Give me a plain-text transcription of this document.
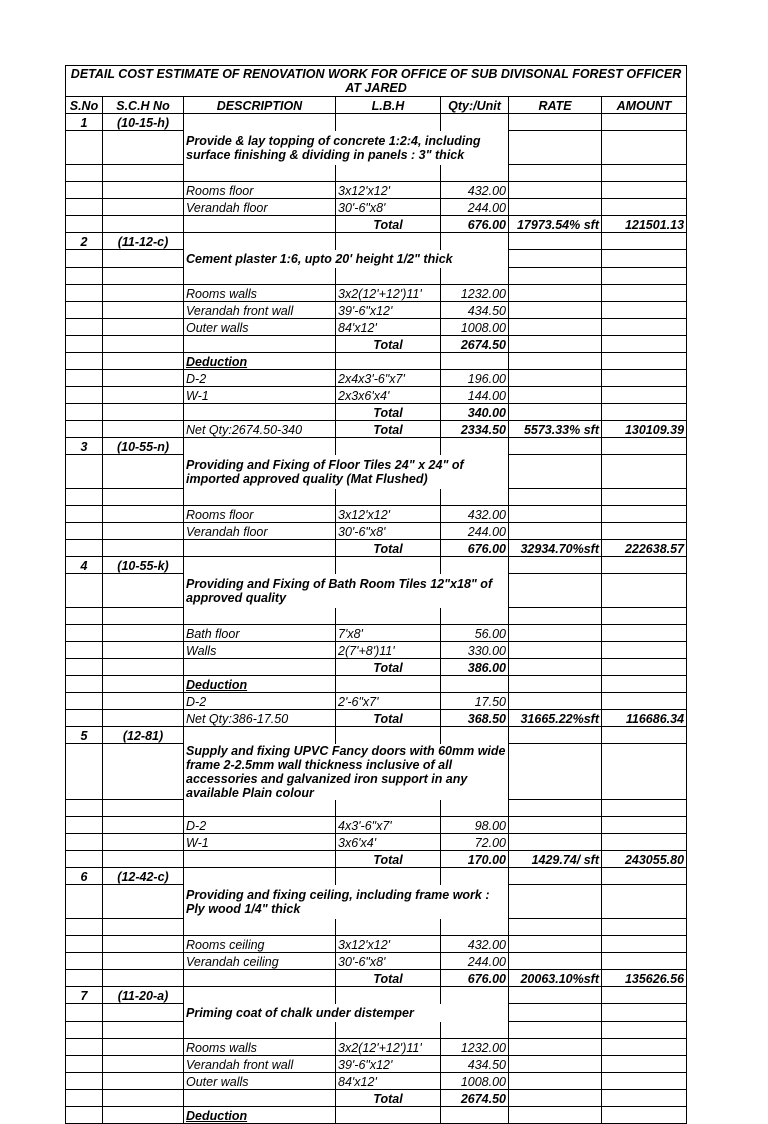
DETAIL COST ESTIMATE OF RENOVATION WORK FOR OFFICE OF SUB DIVISONAL FOREST OFFICER AT JARED						
S.No	S.C.H No	DESCRIPTION	L.B.H	Qty:/Unit	RATE	AMOUNT
1	(10-15-h)					
		Provide & lay topping of concrete 1:2:4, including surface finishing & dividing in panels : 3" thick				

		Rooms floor	3x12'x12'	432.00		
		Verandah floor	30'-6"x8'	244.00		
			Total	676.00	17973.54% sft	121501.13
2	(11-12-c)					
		Cement plaster 1:6, upto 20' height 1/2" thick				

		Rooms walls	3x2(12'+12')11'	1232.00		
		Verandah front wall	39'-6"x12'	434.50		
		Outer walls	84'x12'	1008.00		
			Total	2674.50		
		Deduction				
		D-2	2x4x3'-6"x7'	196.00		
		W-1	2x3x6'x4'	144.00		
			Total	340.00		
		Net Qty:2674.50-340	Total	2334.50	5573.33% sft	130109.39
3	(10-55-n)					
		Providing and Fixing of Floor Tiles 24" x 24" of imported approved quality (Mat Flushed)				

		Rooms floor	3x12'x12'	432.00		
		Verandah floor	30'-6"x8'	244.00		
			Total	676.00	32934.70%sft	222638.57
4	(10-55-k)					
		Providing and Fixing of Bath Room Tiles 12"x18" of approved quality				

		Bath floor	7'x8'	56.00		
		Walls	2(7'+8')11'	330.00		
			Total	386.00		
		Deduction				
		D-2	2'-6"x7'	17.50		
		Net Qty:386-17.50	Total	368.50	31665.22%sft	116686.34
5	(12-81)					
		Supply and fixing UPVC Fancy doors with 60mm wide frame 2-2.5mm wall thickness inclusive of all accessories and galvanized iron support in any available Plain colour				

		D-2	4x3'-6"x7'	98.00		
		W-1	3x6'x4'	72.00		
			Total	170.00	1429.74/ sft	243055.80
6	(12-42-c)					
		Providing and fixing ceiling, including frame work : Ply wood 1/4" thick				

		Rooms ceiling	3x12'x12'	432.00		
		Verandah ceiling	30'-6"x8'	244.00		
			Total	676.00	20063.10%sft	135626.56
7	(11-20-a)					
		Priming coat of chalk under distemper				

		Rooms walls	3x2(12'+12')11'	1232.00		
		Verandah front wall	39'-6"x12'	434.50		
		Outer walls	84'x12'	1008.00		
			Total	2674.50		
		Deduction				
